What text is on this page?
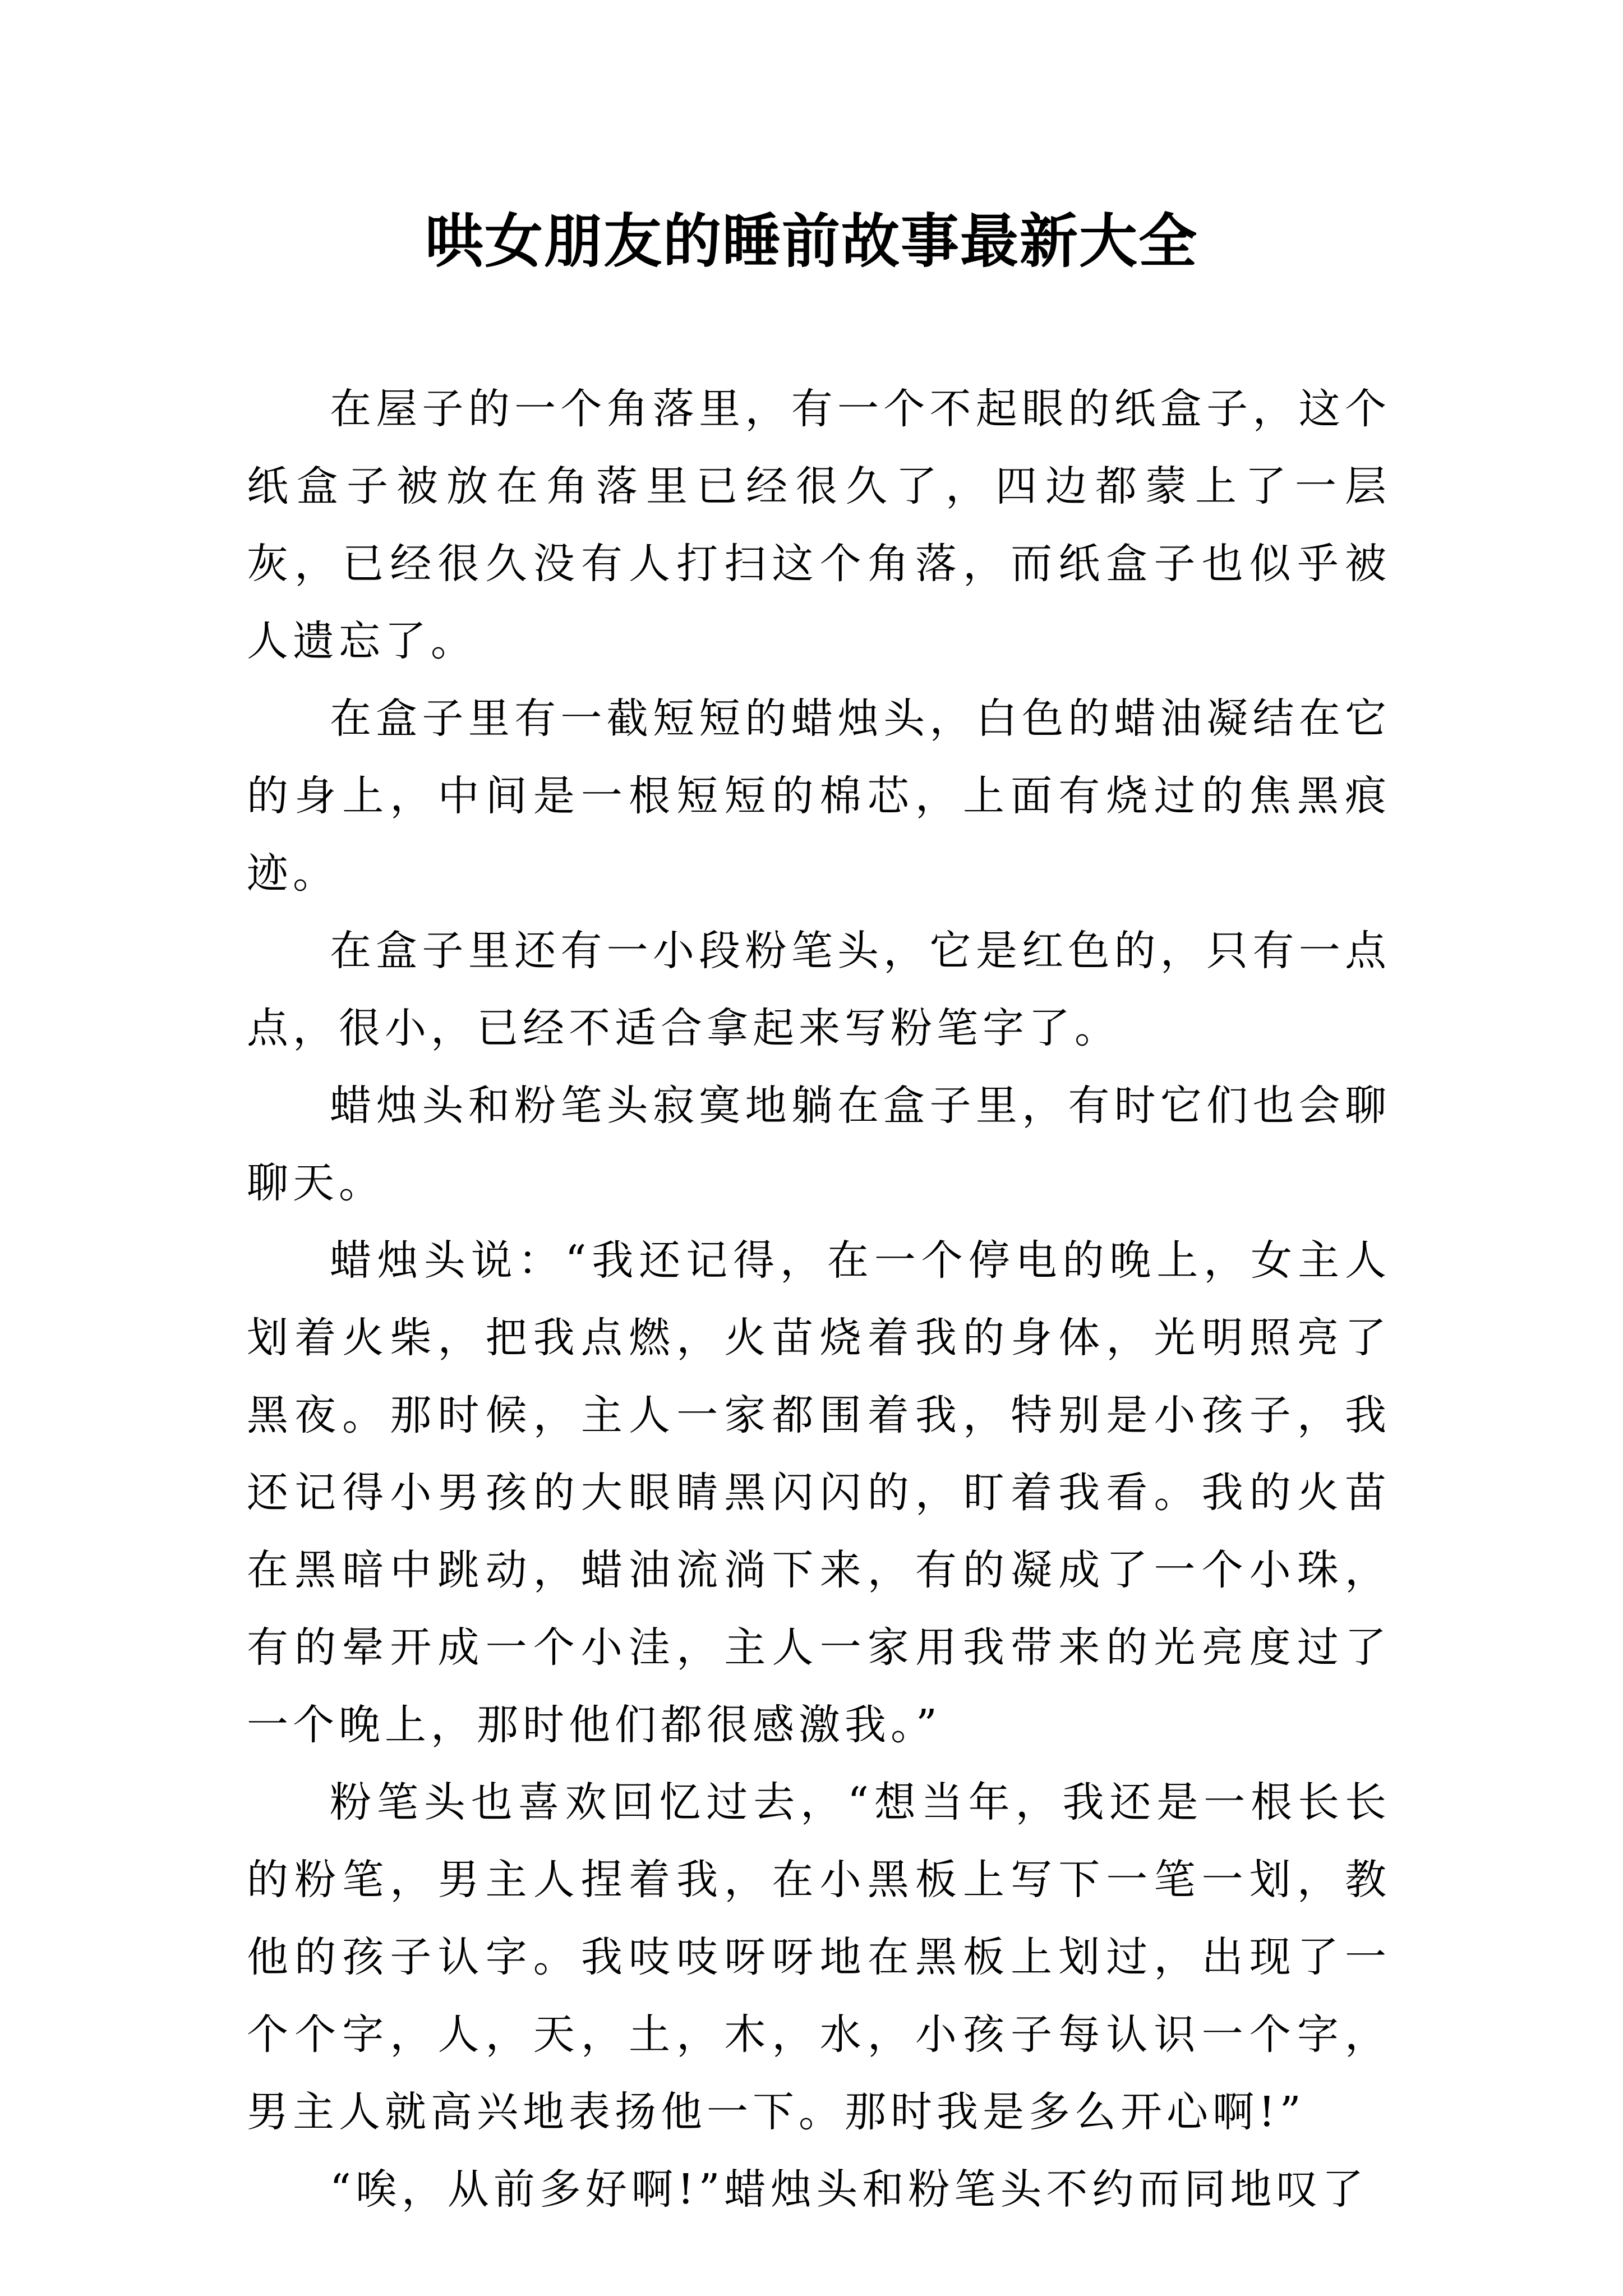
哄女朋友的睡前故事最新大全

在屋子的一个角落里，有一个不起眼的纸盒子，这个纸盒子被放在角落里已经很久了，四边都蒙上了一层灰，已经很久没有人打扫这个角落，而纸盒子也似乎被人遗忘了。

在盒子里有一截短短的蜡烛头，白色的蜡油凝结在它的身上，中间是一根短短的棉芯，上面有烧过的焦黑痕迹。

在盒子里还有一小段粉笔头，它是红色的，只有一点点，很小，已经不适合拿起来写粉笔字了。

蜡烛头和粉笔头寂寞地躺在盒子里，有时它们也会聊聊天。

蜡烛头说：“我还记得，在一个停电的晚上，女主人划着火柴，把我点燃，火苗烧着我的身体，光明照亮了黑夜。那时候，主人一家都围着我，特别是小孩子，我还记得小男孩的大眼睛黑闪闪的，盯着我看。我的火苗在黑暗中跳动，蜡油流淌下来，有的凝成了一个小珠，有的晕开成一个小洼，主人一家用我带来的光亮度过了一个晚上，那时他们都很感激我。”

粉笔头也喜欢回忆过去，“想当年，我还是一根长长的粉笔，男主人捏着我，在小黑板上写下一笔一划，教他的孩子认字。我吱吱呀呀地在黑板上划过，出现了一个个字，人，天，土，木，水，小孩子每认识一个字，男主人就高兴地表扬他一下。那时我是多么开心啊!”

“唉，从前多好啊!”蜡烛头和粉笔头不约而同地叹了
